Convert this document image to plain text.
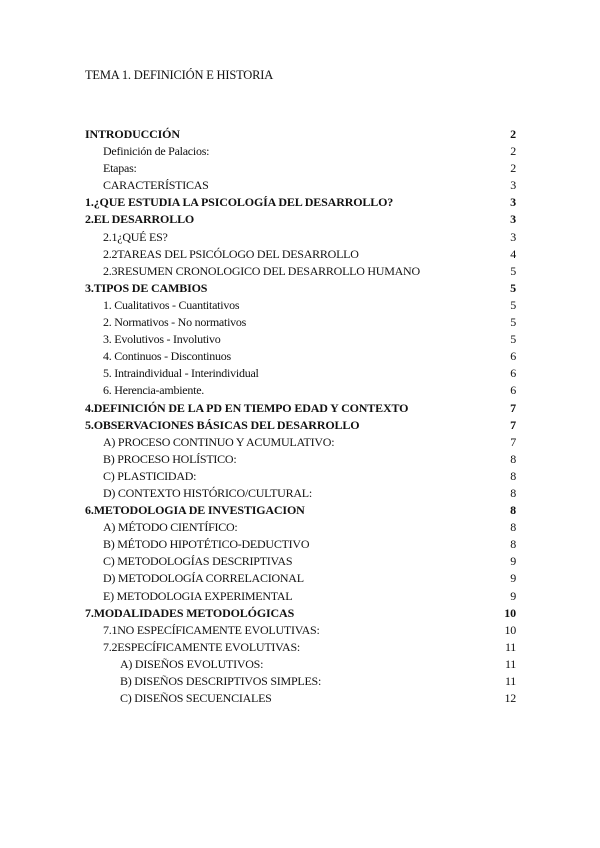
TEMA 1. DEFINICIÓN E HISTORIA
INTRODUCCIÓN	2
Definición de Palacios:	2
Etapas:	2
CARACTERÍSTICAS	3
1.¿QUE ESTUDIA LA PSICOLOGÍA DEL DESARROLLO?	3
2.EL DESARROLLO	3
2.1¿QUÉ ES?	3
2.2TAREAS DEL PSICÓLOGO DEL DESARROLLO	4
2.3RESUMEN CRONOLOGICO DEL DESARROLLO HUMANO	5
3.TIPOS DE CAMBIOS	5
1. Cualitativos - Cuantitativos	5
2. Normativos - No normativos	5
3. Evolutivos - Involutivo	5
4. Continuos - Discontinuos	6
5. Intraindividual - Interindividual	6
6. Herencia-ambiente.	6
4.DEFINICIÓN DE LA PD EN TIEMPO EDAD Y CONTEXTO	7
5.OBSERVACIONES BÁSICAS DEL DESARROLLO	7
A) PROCESO CONTINUO Y ACUMULATIVO:	7
B) PROCESO HOLÍSTICO:	8
C) PLASTICIDAD:	8
D) CONTEXTO HISTÓRICO/CULTURAL:	8
6.METODOLOGIA DE INVESTIGACION	8
A) MÉTODO CIENTÍFICO:	8
B) MÉTODO HIPOTÉTICO-DEDUCTIVO	8
C) METODOLOGÍAS DESCRIPTIVAS	9
D) METODOLOGÍA CORRELACIONAL	9
E) METODOLOGIA EXPERIMENTAL	9
7.MODALIDADES METODOLÓGICAS	10
7.1NO ESPECÍFICAMENTE EVOLUTIVAS:	10
7.2ESPECÍFICAMENTE EVOLUTIVAS:	11
A) DISEÑOS EVOLUTIVOS:	11
B) DISEÑOS DESCRIPTIVOS SIMPLES:	11
C) DISEÑOS SECUENCIALES	12
